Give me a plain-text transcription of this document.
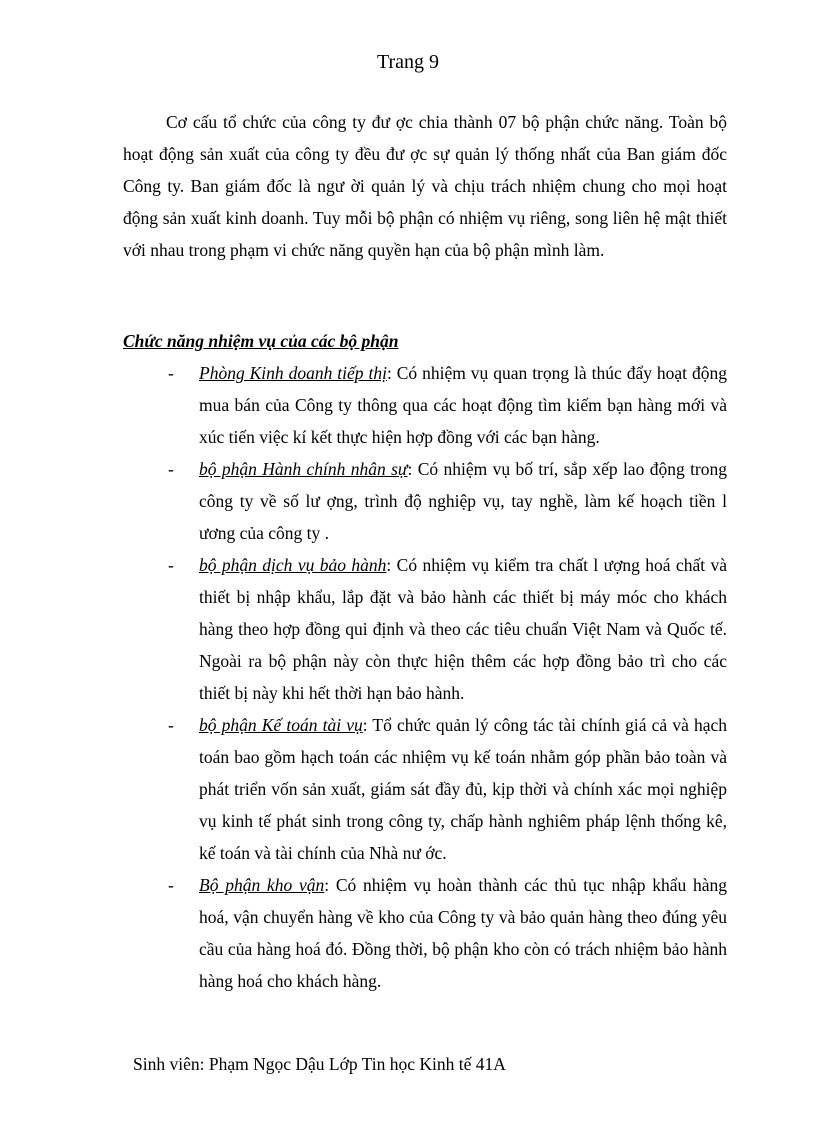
Trang 9

Cơ cấu tổ chức của công ty đư ợc chia thành 07 bộ phận chức năng. Toàn bộ hoạt động sản xuất của công ty đều đư ợc sự quản lý thống nhất của Ban giám đốc Công ty. Ban giám đốc là ngư ời quản lý và chịu trách nhiệm chung cho mọi hoạt động sản xuất kinh doanh. Tuy mỗi bộ phận có nhiệm vụ riêng, song liên hệ mật thiết với nhau trong phạm vi chức năng quyền hạn của bộ phận mình làm.

Chức năng nhiệm vụ của các bộ phận
-	Phòng Kinh doanh tiếp thị: Có nhiệm vụ quan trọng là thúc đẩy hoạt động mua bán của Công ty thông qua các hoạt động tìm kiếm bạn hàng mới và xúc tiến việc kí kết thực hiện hợp đồng với các bạn hàng.
-	bộ phận Hành chính nhân sự: Có nhiệm vụ bố trí, sắp xếp lao động trong công ty về số lư ợng, trình độ nghiệp vụ, tay nghề, làm kế hoạch tiền l ương của công ty .
-	bộ phận dịch vụ bảo hành: Có nhiệm vụ kiểm tra chất l ượng hoá chất và thiết bị nhập khẩu, lắp đặt và bảo hành các thiết bị máy móc cho khách hàng theo hợp đồng qui định và theo các tiêu chuẩn Việt Nam và Quốc tế. Ngoài ra bộ phận này còn thực hiện thêm các hợp đồng bảo trì cho các thiết bị này khi hết thời hạn bảo hành.
-	bộ phận Kế toán tài vụ: Tổ chức quản lý công tác tài chính giá cả và hạch toán bao gồm hạch toán các nhiệm vụ kế toán nhằm góp phần bảo toàn và phát triển vốn sản xuất, giám sát đầy đủ, kịp thời và chính xác mọi nghiệp vụ kinh tế phát sinh trong công ty, chấp hành nghiêm pháp lệnh thống kê, kế toán và tài chính của Nhà nư ớc.
-	Bộ phận kho vận: Có nhiệm vụ hoàn thành các thủ tục nhập khẩu hàng hoá, vận chuyển hàng về kho của Công ty và bảo quản hàng theo đúng yêu cầu của hàng hoá đó. Đồng thời, bộ phận kho còn có trách nhiệm bảo hành hàng hoá cho khách hàng.
Sinh viên: Phạm Ngọc Dậu Lớp Tin học Kinh tế 41A
